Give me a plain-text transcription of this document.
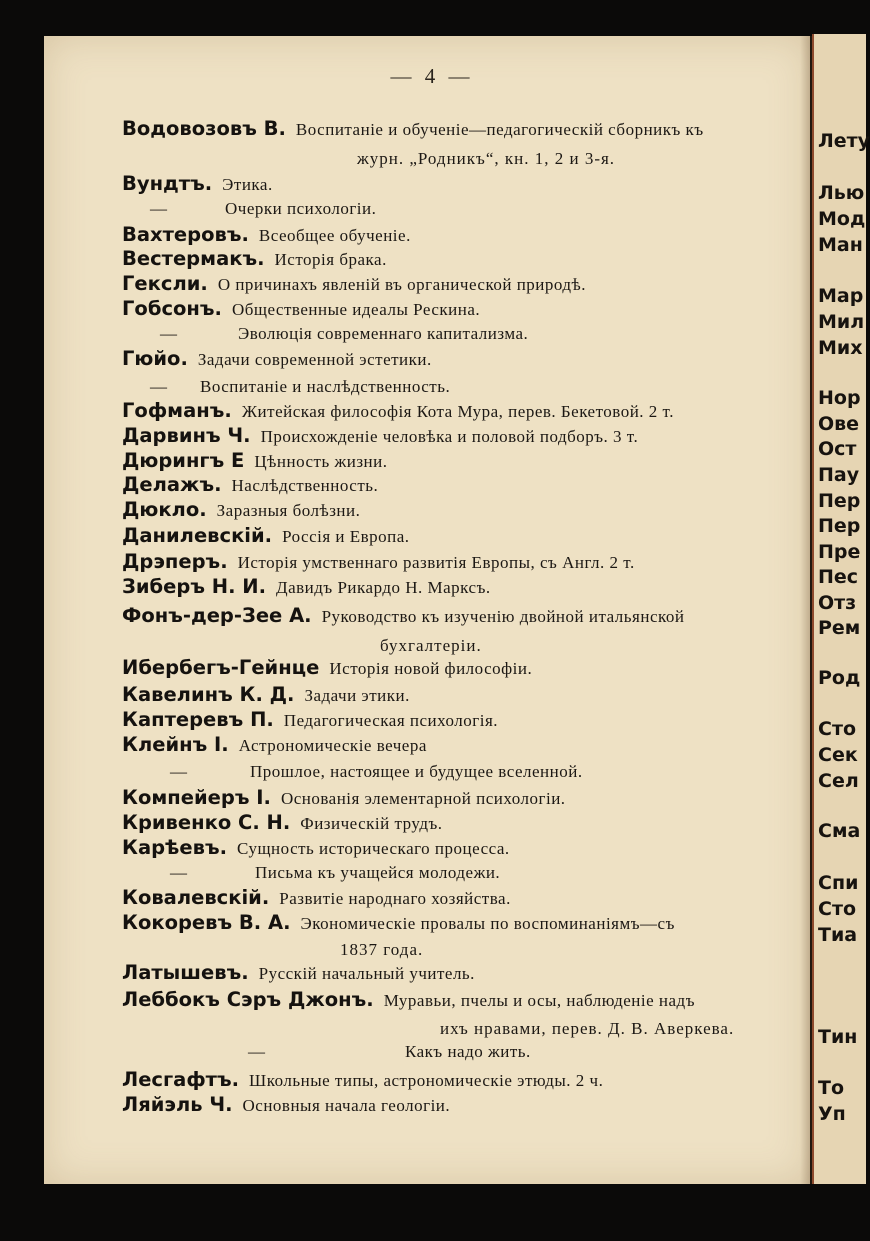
— 4 —
Водовозовъ В. Воспитаніе и обученіе—педагогическій сборникъ къ
журн. „Родникъ“, кн. 1, 2 и 3-я.
Вундтъ. Этика.
—	Очерки психологіи.
Вахтеровъ. Всеобщее обученіе.
Вестермакъ. Исторія брака.
Гексли. О причинахъ явленій въ органической природѣ.
Гобсонъ. Общественные идеалы Рескина.
—	Эволюція современнаго капитализма.
Гюйо. Задачи современной эстетики.
— Воспитаніе и наслѣдственность.
Гофманъ. Житейская философія Кота Мура, перев. Бекетовой. 2 т.
Дарвинъ Ч. Происхожденіе человѣка и половой подборъ. 3 т.
Дюрингъ Е Цѣнность жизни.
Делажъ. Наслѣдственность.
Дюкло. Заразныя болѣзни.
Данилевскій. Россія и Европа.
Дрэперъ. Исторія умственнаго развитія Европы, съ Англ. 2 т.
Зиберъ Н. И. Давидъ Рикардо Н. Марксъ.
Фонъ-дер-Зее А. Руководство къ изученію двойной итальянской
бухгалтеріи.
Ибербегъ-Гейнце Исторія новой философіи.
Кавелинъ К. Д. Задачи этики.
Каптеревъ П. Педагогическая психологія.
Клейнъ І. Астрономическіе вечера
—	Прошлое, настоящее и будущее вселенной.
Компейеръ І. Основанія элементарной психологіи.
Кривенко С. Н. Физическій трудъ.
Карѣевъ. Сущность историческаго процесса.
—	Письма къ учащейся молодежи.
Ковалевскій. Развитіе народнаго хозяйства.
Кокоревъ В. А. Экономическіе провалы по воспоминаніямъ—съ
1837 года.
Латышевъ. Русскій начальный учитель.
Леббокъ Сэръ Джонъ. Муравьи, пчелы и осы, наблюденіе надъ
ихъ нравами, перев. Д. В. Аверкева.
—	Какъ надо жить.
Лесгафтъ. Школьные типы, астрономическіе этюды. 2 ч.
Ляйэль Ч. Основныя начала геологіи.
Лету
Лью
Мод
Ман
Мар
Мил
Мих
Нор
Ове
Ост
Пау
Пер
Пер
Пре
Пес
Отз
Рем
Род
Сто
Сек
Сел
Сма
Спи
Сто
Тиа
Тин
То
Уп
